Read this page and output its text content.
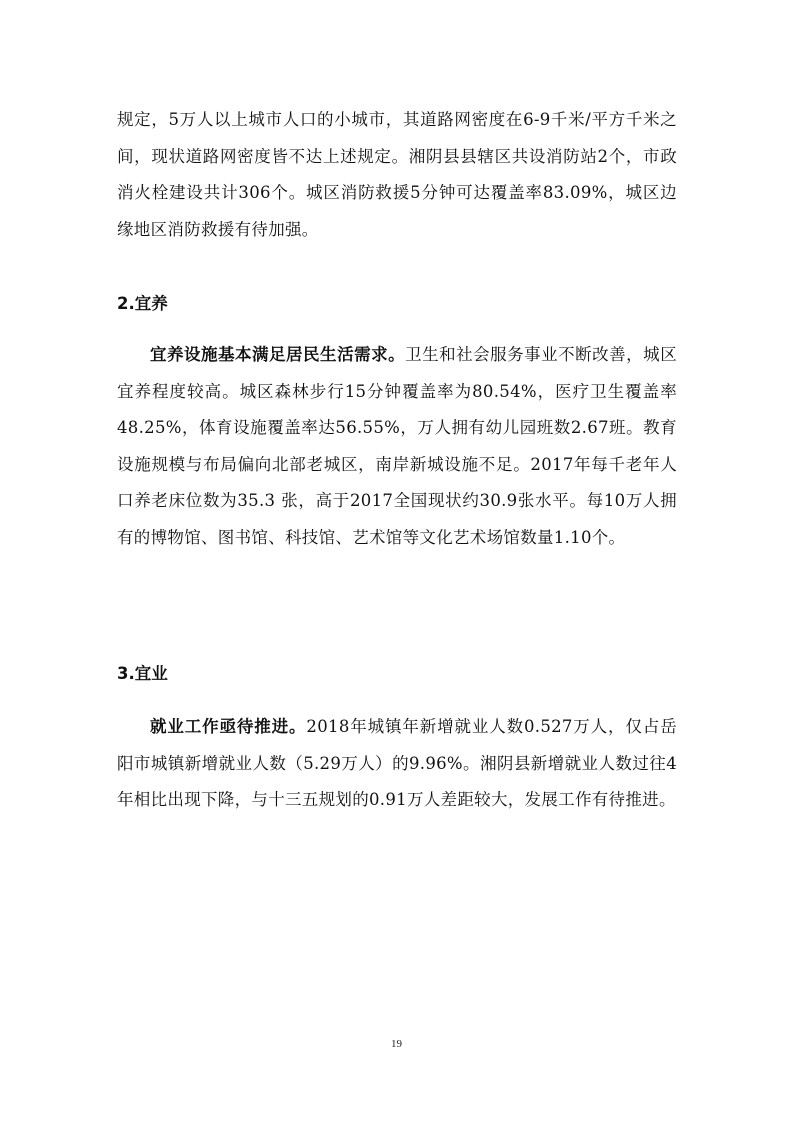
规定，5万人以上城市人口的小城市，其道路网密度在6-9千米/平方千米之间，现状道路网密度皆不达上述规定。湘阴县县辖区共设消防站2个，市政消火栓建设共计306个。城区消防救援5分钟可达覆盖率83.09%，城区边缘地区消防救援有待加强。

2.宜养

宜养设施基本满足居民生活需求。卫生和社会服务事业不断改善，城区宜养程度较高。城区森林步行15分钟覆盖率为80.54%，医疗卫生覆盖率48.25%，体育设施覆盖率达56.55%，万人拥有幼儿园班数2.67班。教育设施规模与布局偏向北部老城区，南岸新城设施不足。2017年每千老年人口养老床位数为35.3 张，高于2017全国现状约30.9张水平。每10万人拥有的博物馆、图书馆、科技馆、艺术馆等文化艺术场馆数量1.10个。

3.宜业

就业工作亟待推进。2018年城镇年新增就业人数0.527万人，仅占岳阳市城镇新增就业人数（5.29万人）的9.96%。湘阴县新增就业人数过往4年相比出现下降，与十三五规划的0.91万人差距较大，发展工作有待推进。

19
